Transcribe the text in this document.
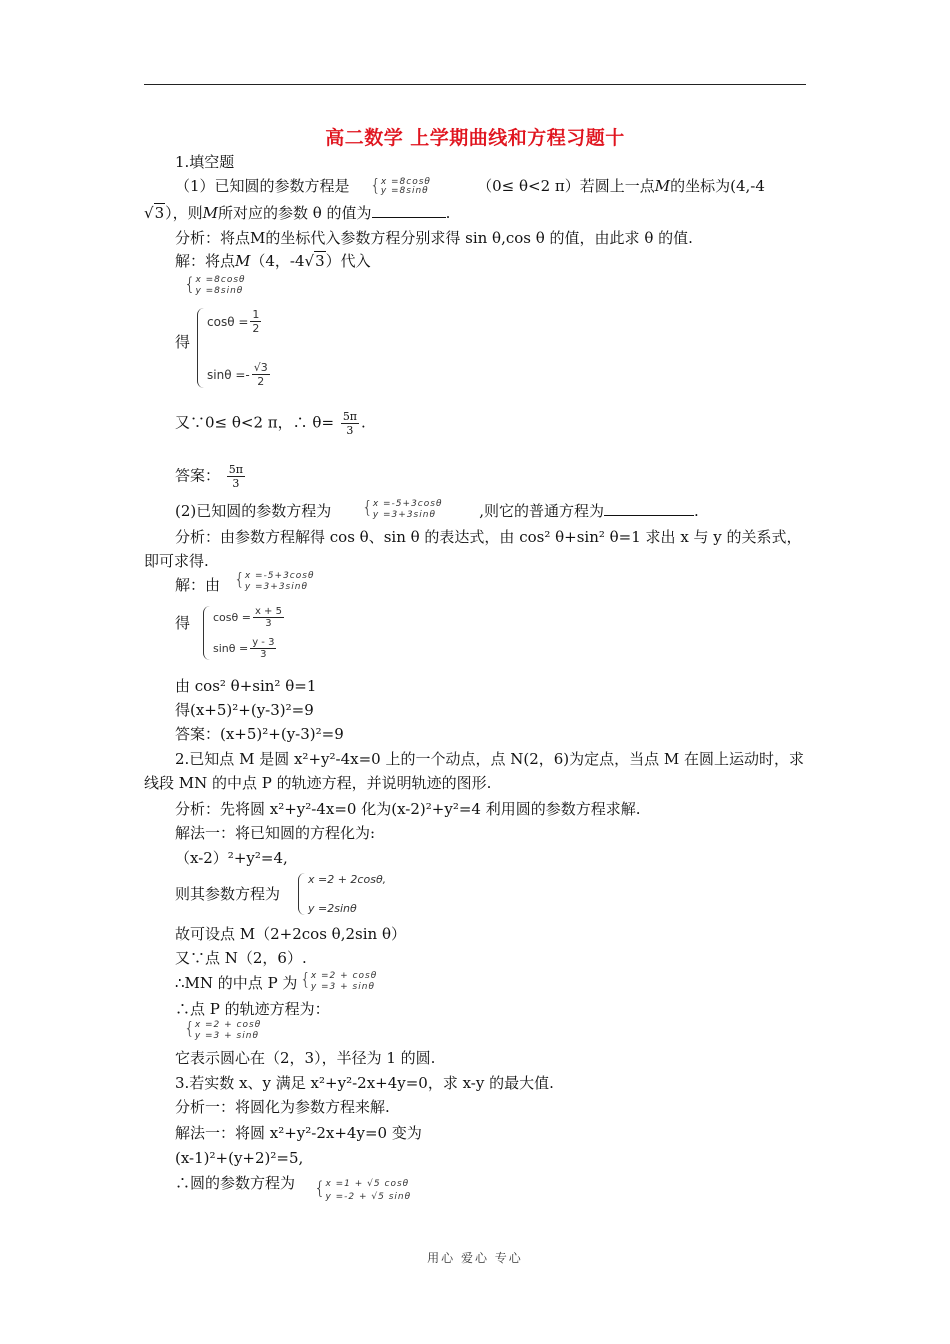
高二数学 上学期曲线和方程习题十
1.填空题
（1）已知圆的参数方程是	（0≤ θ<2 π）若圆上一点M的坐标为(4,-4
{ x =8cosθ
y =8sinθ
√3），则M所对应的参数 θ 的值为	.
分析：将点M的坐标代入参数方程分别求得 sin θ,cos θ 的值，由此求 θ 的值.
解：将点M（4，-4√3）代入
{ x =8cosθ
y =8sinθ
得
$\cos\theta = \frac{1}{2}$
$\sin\theta =- \frac{√3}{2}$
又∵0≤ θ<2 π，∴ $\theta= \frac{5\pi}{3}$ .
答案： $\frac{5\pi}{3}$
(2)已知圆的参数方程为	,则它的普通方程为	.
{ x =-5+3cosθ
y =3+3sinθ
分析：由参数方程解得 cos θ、sin θ 的表达式，由 cos² θ+sin² θ=1 求出 x 与 y 的关系式，
即可求得.
解：由 { x =-5+3cosθ
y =3+3sinθ
得 $\cos\theta = \frac{x + 5}{3}$
$\sin\theta = \frac{y - 3}{3}$
由 cos² θ+sin² θ=1
得(x+5)²+(y-3)²=9
答案：(x+5)²+(y-3)²=9
2.已知点 M 是圆 x²+y²-4x=0 上的一个动点，点 N(2，6)为定点，当点 M 在圆上运动时，求
线段 MN 的中点 P 的轨迹方程，并说明轨迹的图形.
分析：先将圆 x²+y²-4x=0 化为(x-2)²+y²=4 利用圆的参数方程求解.
解法一：将已知圆的方程化为:
（x-2）²+y²=4,
则其参数方程为
x =2 + 2cosθ,
y =2sinθ
故可设点 M（2+2cos θ,2sin θ）
又∵点 N（2，6）.
∴MN 的中点 P 为 { x =2 + cosθ
y =3 + sinθ
∴点 P 的轨迹方程为：
{ x =2 + cosθ
y =3 + sinθ
它表示圆心在（2，3），半径为 1 的圆.
3.若实数 x、y 满足 x²+y²-2x+4y=0，求 x-y 的最大值.
分析一：将圆化为参数方程来解.
解法一：将圆 x²+y²-2x+4y=0 变为
(x-1)²+(y+2)²=5,
∴圆的参数方程为 { x =1 + √5 cosθ
y =-2 + √5 sinθ
用心 爱心 专心
